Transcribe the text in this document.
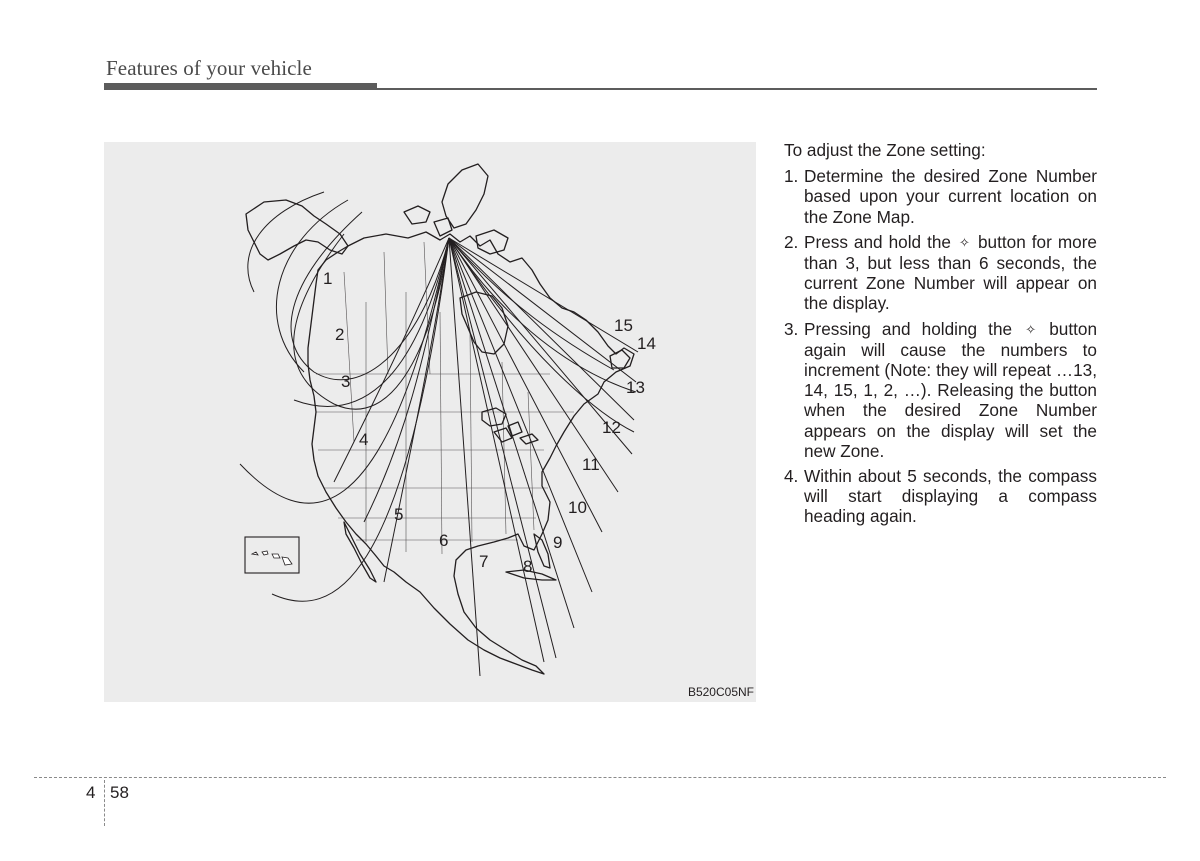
Features of your vehicle
1
2
3
4
5
6
7 8
9
10
11
12
13
14
15
B520C05NF

To adjust the Zone setting:

1. Determine the desired Zone Number based upon your current location on the Zone Map.
2. Press and hold the ✧ button for more than 3, but less than 6 seconds, the current Zone Number will appear on the display.
3. Pressing and holding the ✧ button again will cause the numbers to increment (Note: they will repeat …13, 14, 15, 1, 2, …). Releasing the button when the desired Zone Number appears on the display will set the new Zone.
4. Within about 5 seconds, the compass will start displaying a compass heading again.
4 58
